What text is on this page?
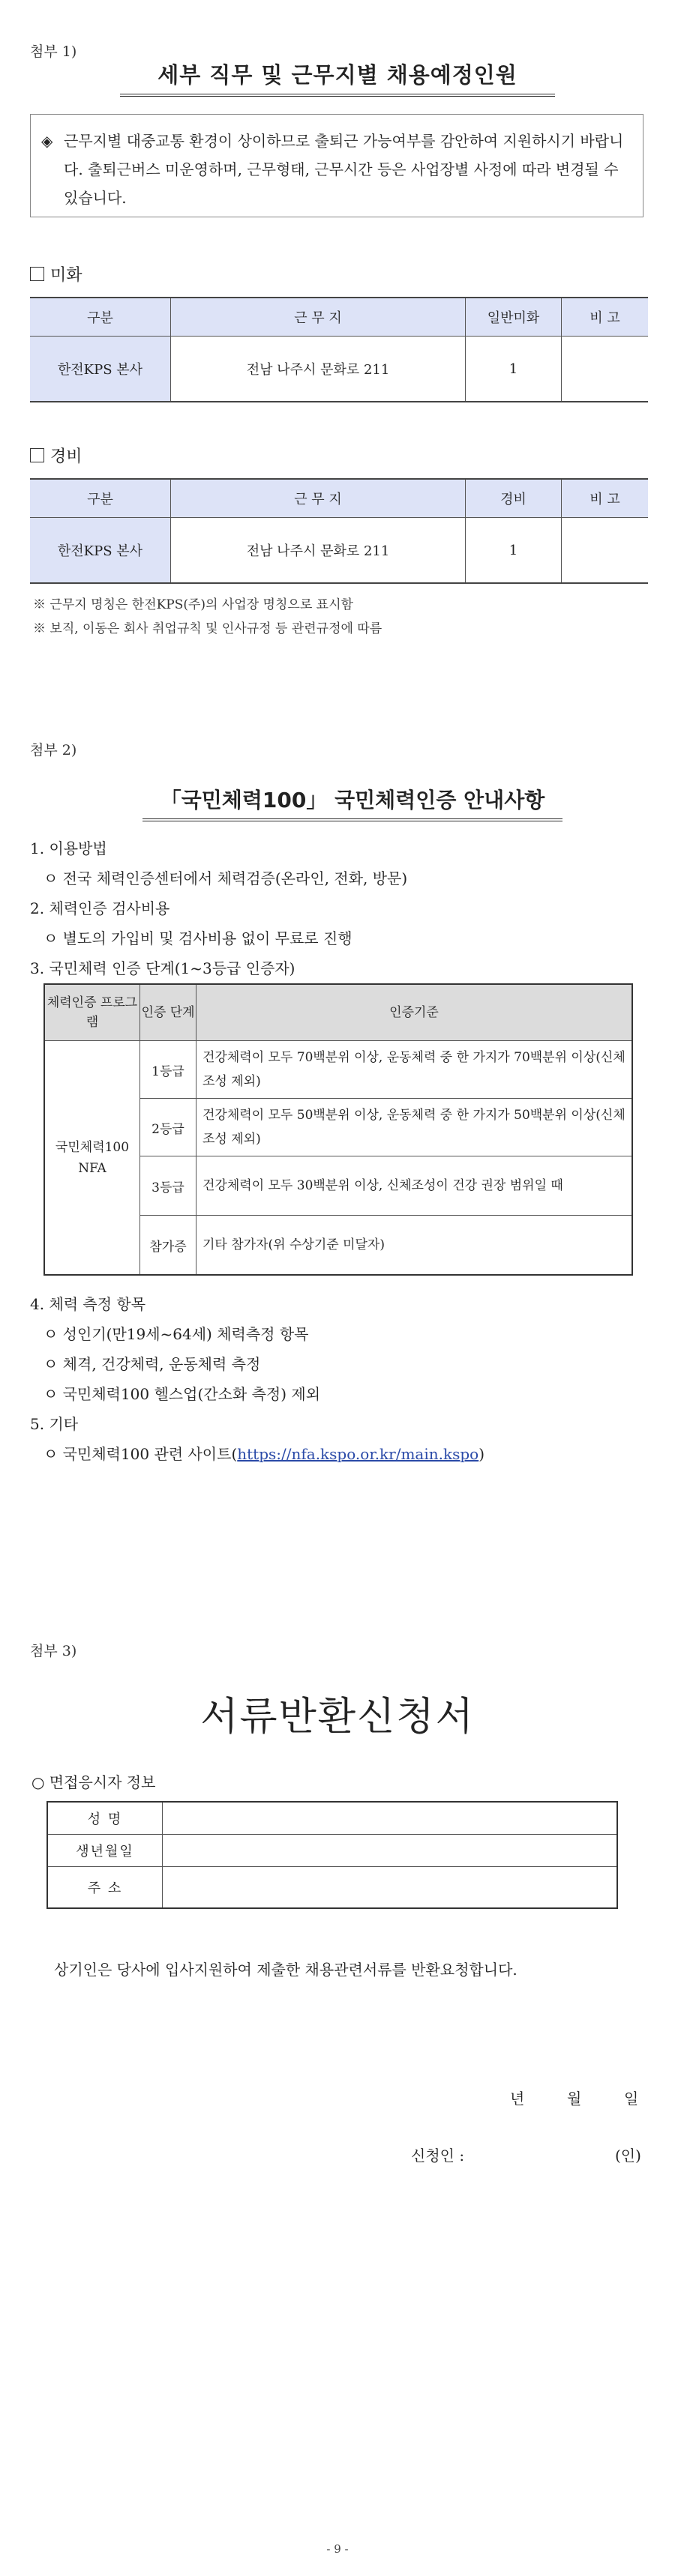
첨부 1)
세부 직무 및 근무지별 채용예정인원
◈ 근무지별 대중교통 환경이 상이하므로 출퇴근 가능여부를 감안하여 지원하시기 바랍니다. 출퇴근버스 미운영하며, 근무형태, 근무시간 등은 사업장별 사정에 따라 변경될 수 있습니다.
미화
구분	근 무 지	일반미화	비 고
한전KPS 본사	전남 나주시 문화로 211	1	
경비
구분	근 무 지	경비	비 고
한전KPS 본사	전남 나주시 문화로 211	1	
※ 근무지 명칭은 한전KPS(주)의 사업장 명칭으로 표시함
※ 보직, 이동은 회사 취업규칙 및 인사규정 등 관련규정에 따름
첨부 2)
「국민체력100」 국민체력인증 안내사항
1. 이용방법
ㅇ 전국 체력인증센터에서 체력검증(온라인, 전화, 방문)
2. 체력인증 검사비용
ㅇ 별도의 가입비 및 검사비용 없이 무료로 진행
3. 국민체력 인증 단계(1~3등급 인증자)
체력인증 프로그램	인증 단계	인증기준
국민체력100 NFA	1등급	건강체력이 모두 70백분위 이상, 운동체력 중 한 가지가 70백분위 이상(신체조성 제외)
	2등급	건강체력이 모두 50백분위 이상, 운동체력 중 한 가지가 50백분위 이상(신체조성 제외)
	3등급	건강체력이 모두 30백분위 이상, 신체조성이 건강 권장 범위일 때
	참가증	기타 참가자(위 수상기준 미달자)
4. 체력 측정 항목
ㅇ 성인기(만19세~64세) 체력측정 항목
ㅇ 체격, 건강체력, 운동체력 측정
ㅇ 국민체력100 헬스업(간소화 측정) 제외
5. 기타
ㅇ 국민체력100 관련 사이트(https://nfa.kspo.or.kr/main.kspo)
첨부 3)
서류반환신청서
○ 면접응시자 정보
성 명	
생년월일	
주 소	
상기인은 당사에 입사지원하여 제출한 채용관련서류를 반환요청합니다.
년	월	일
신청인 :	(인)
- 9 -
